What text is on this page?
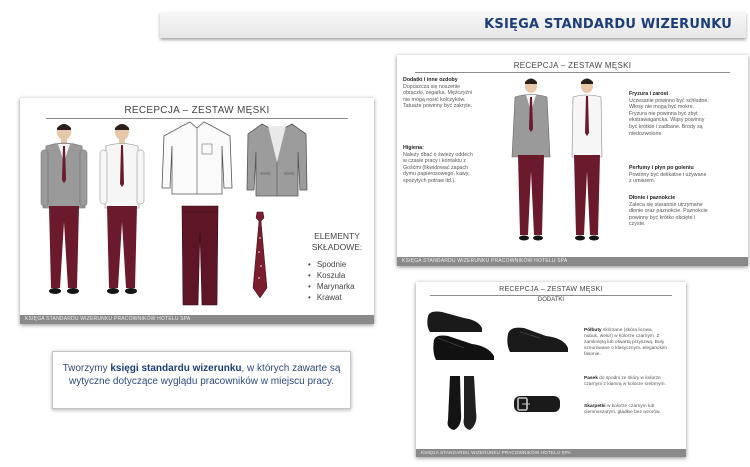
KSIĘGA STANDARDU WIZERUNKU
RECEPCJA – ZESTAW MĘSKI
ELEMENTY SKŁADOWE:
• Spodnie
• Koszula
• Marynarka
• Krawat
KSIĘGA STANDARDU WIZERUNKU PRACOWNIKÓW HOTELU SPA
RECEPCJA – ZESTAW MĘSKI
Dodatki i inne ozdoby
Dopuszcza się noszenie obrączki, zegarka. Mężczyźni nie mogą nosić kolczyków. Tatuaże powinny być zakryte.
Higiena:
Należy dbać o świeży oddech w czasie pracy i kontaktu z Gośćmi (likwidować zapach dymu papierosowego, kawy, spożytych potraw itd.).
Fryzura i zarost
Uczesanie powinno być schludne. Włosy nie mogą być mokre. Fryzura nie powinna być zbyt ekstrawagancka. Wąsy powinny być krótkie i zadbane. Brody są niedozwolone.
Perfumy i płyn po goleniu
Powinny być delikatne i używane z umiarem.
Dłonie i paznokcie
Zaleca się starannie utrzymane dłonie oraz paznokcie. Paznokcie powinny być krótko obcięte i czyste.
KSIĘGA STANDARDU WIZERUNKU PRACOWNIKÓW HOTELU SPA
RECEPCJA – ZESTAW MĘSKI
DODATKI
Półbuty skórzane (skóra licowa, nubuk, welur) w kolorze czarnym. Z zamkniętą lub otwartą przyszwą. Buty sznurowane o klasycznym, eleganckim fasonie.
Pasek do spodni ze skóry w kolorze czarnym z klamrą w kolorze srebrnym.
Skarpetki w kolorze czarnym lub ciemnoszarym, gładkie bez wzorów.
KSIĘGA STANDARDU WIZERUNKU PRACOWNIKÓW HOTELU SPA
Tworzymy księgi standardu wizerunku, w których zawarte są wytyczne dotyczące wyglądu pracowników w miejscu pracy.
